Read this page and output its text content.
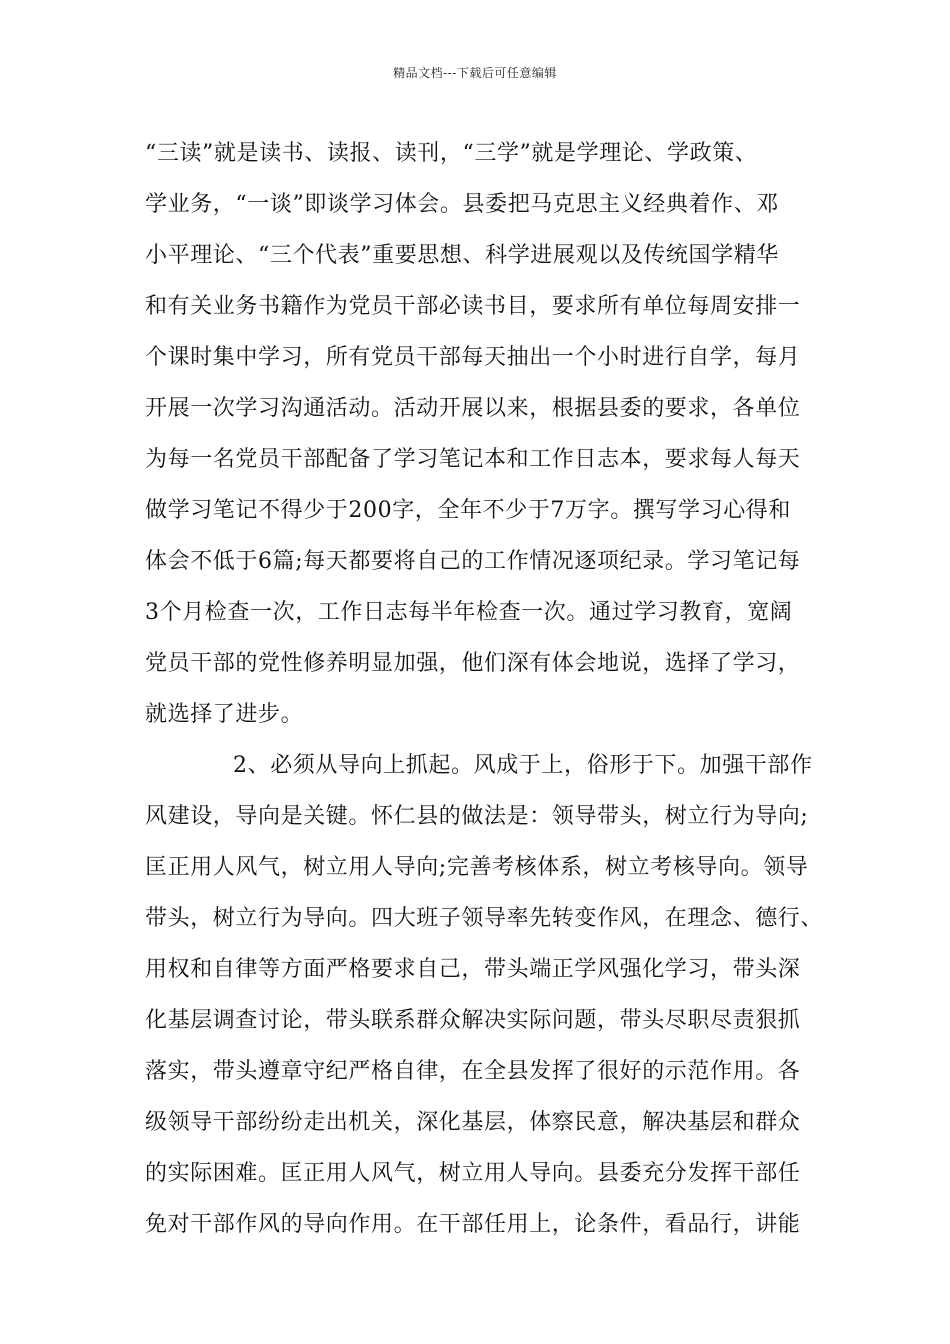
精品文档---下载后可任意编辑
“三读”就是读书、读报、读刊，“三学”就是学理论、学政策、
学业务，“一谈”即谈学习体会。县委把马克思主义经典着作、邓
小平理论、“三个代表”重要思想、科学进展观以及传统国学精华
和有关业务书籍作为党员干部必读书目，要求所有单位每周安排一
个课时集中学习，所有党员干部每天抽出一个小时进行自学，每月
开展一次学习沟通活动。活动开展以来，根据县委的要求，各单位
为每一名党员干部配备了学习笔记本和工作日志本，要求每人每天
做学习笔记不得少于200字，全年不少于7万字。撰写学习心得和
体会不低于6篇;每天都要将自己的工作情况逐项纪录。学习笔记每
3个月检查一次，工作日志每半年检查一次。通过学习教育，宽阔
党员干部的党性修养明显加强，他们深有体会地说，选择了学习，
就选择了进步。
2、必须从导向上抓起。风成于上，俗形于下。加强干部作
风建设，导向是关键。怀仁县的做法是：领导带头，树立行为导向;
匡正用人风气，树立用人导向;完善考核体系，树立考核导向。领导
带头，树立行为导向。四大班子领导率先转变作风，在理念、德行、
用权和自律等方面严格要求自己，带头端正学风强化学习，带头深
化基层调查讨论，带头联系群众解决实际问题，带头尽职尽责狠抓
落实，带头遵章守纪严格自律，在全县发挥了很好的示范作用。各
级领导干部纷纷走出机关，深化基层，体察民意，解决基层和群众
的实际困难。匡正用人风气，树立用人导向。县委充分发挥干部任
免对干部作风的导向作用。在干部任用上，论条件，看品行，讲能
